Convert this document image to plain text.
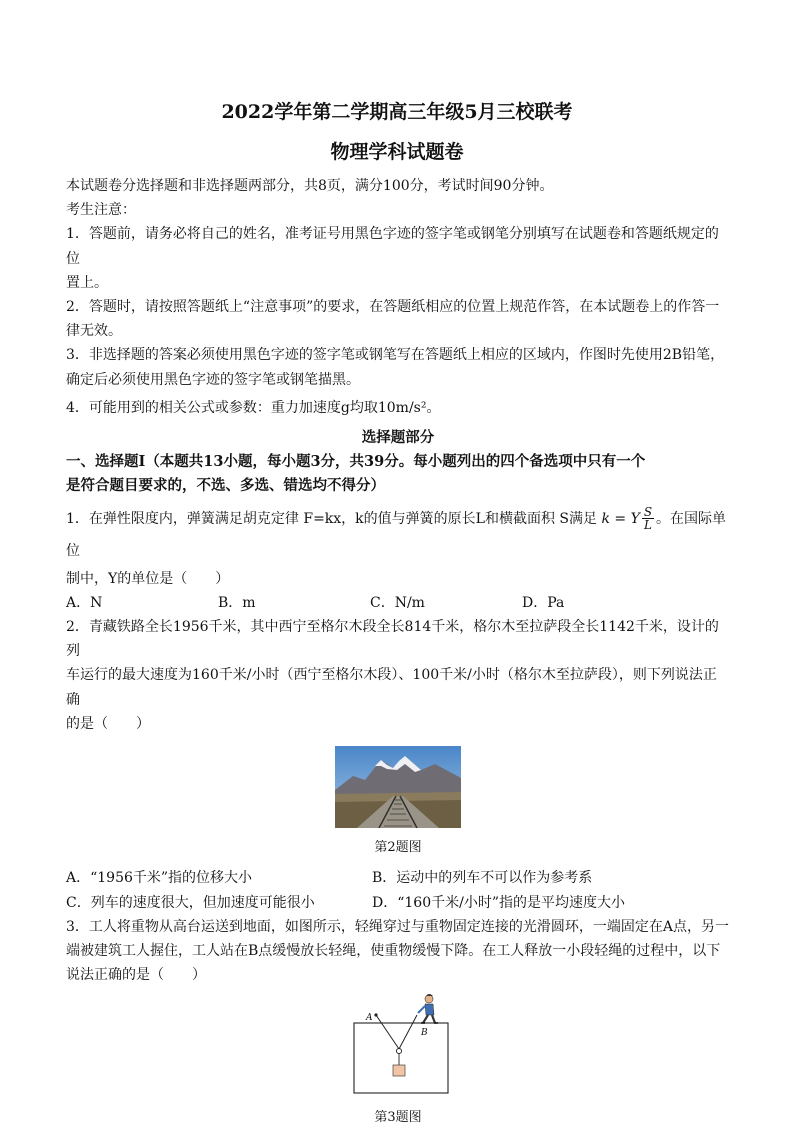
2022学年第二学期高三年级5月三校联考
物理学科试题卷

本试题卷分选择题和非选择题两部分，共8页，满分100分，考试时间90分钟。

考生注意：

1．答题前，请务必将自己的姓名，准考证号用黑色字迹的签字笔或钢笔分别填写在试题卷和答题纸规定的位

置上。

2．答题时，请按照答题纸上“注意事项”的要求，在答题纸相应的位置上规范作答，在本试题卷上的作答一

律无效。

3．非选择题的答案必须使用黑色字迹的签字笔或钢笔写在答题纸上相应的区域内，作图时先使用2B铅笔，

确定后必须使用黑色字迹的签字笔或钢笔描黑。

4．可能用到的相关公式或参数：重力加速度g均取10m/s²。

选择题部分

一、选择题Ⅰ（本题共13小题，每小题3分，共39分。每小题列出的四个备选项中只有一个

是符合题目要求的，不选、多选、错选均不得分）

1．在弹性限度内，弹簧满足胡克定律 F=kx，k的值与弹簧的原长L和横截面积 S满足 k = Y $\frac{S}{L}$ 。在国际单位

制中，Y的单位是（　　）

A．N	B．m	C．N/m	D．Pa

2．青藏铁路全长1956千米，其中西宁至格尔木段全长814千米，格尔木至拉萨段全长1142千米，设计的列

车运行的最大速度为160千米/小时（西宁至格尔木段）、100千米/小时（格尔木至拉萨段），则下列说法正确

的是（　　）

第2题图
A．“1956千米”指的位移大小	B．运动中的列车不可以作为参考系
C．列车的速度很大，但加速度可能很小	D．“160千米/小时”指的是平均速度大小

3．工人将重物从高台运送到地面，如图所示，轻绳穿过与重物固定连接的光滑圆环，一端固定在A点，另一

端被建筑工人握住，工人站在B点缓慢放长轻绳，使重物缓慢下降。在工人释放一小段轻绳的过程中，以下

说法正确的是（　　）

A
B
第3题图
